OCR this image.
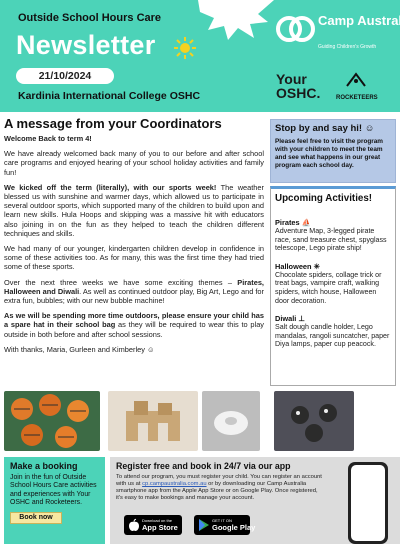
Outside School Hours Care
Newsletter
21/10/2024
Kardinia International College OSHC
Camp Australia
Guiding Children's Growth
Your OSHC.	ROCKETEERS
A message from your Coordinators

Welcome Back to term 4!

We have already welcomed back many of you to our before and after school care programs and enjoyed hearing of your school holiday activities and family fun!

We kicked off the term (literally), with our sports week! The weather blessed us with sunshine and warmer days, which allowed us to participate in several outdoor sports, which supported many of the children to build upon and learn new skills. Hula Hoops and skipping was a massive hit with educators also joining in on the fun as they helped to teach the children different techniques and skills.

We had many of our younger, kindergarten children develop in confidence in some of these activities too. As for many, this was the first time they had tried some of these sports.

Over the next three weeks we have some exciting themes – Pirates, Halloween and Diwali. As well as continued outdoor play, Big Art, Lego and for extra fun, bubbles; with our new bubble machine!

As we will be spending more time outdoors, please ensure your child has a spare hat in their school bag as they will be required to wear this to play outside in both before and after school sessions.

With thanks, Maria, Gurleen and Kimberley ☺

Stop by and say hi! ☺
Please feel free to visit the program with your children to meet the team and see what happens in our great program each school day.
Upcoming Activities!
Pirates ⛵
Adventure Map, 3-legged pirate race, sand treasure chest, spyglass telescope, Lego pirate ship!
Halloween ✳
Chocolate spiders, collage trick or treat bags, vampire craft, walking spiders, witch house, Halloween door decoration.
Diwali ⊥
Salt dough candle holder, Lego mandalas, rangoli suncatcher, paper Diya lamps, paper cup peacock.
Make a booking
Join in the fun of Outside School Hours Care activities and experiences with Your OSHC and Rocketeers.
Book now
Register free and book in 24/7 via our app
To attend our program, you must register your child. You can register an account with us at cp.campaustralia.com.au or by downloading our Camp Australia smartphone app from the Apple App Store or on Google Play. Once registered, it's easy to make bookings and manage your account.
Download on the
App Store
GET IT ON
Google Play
